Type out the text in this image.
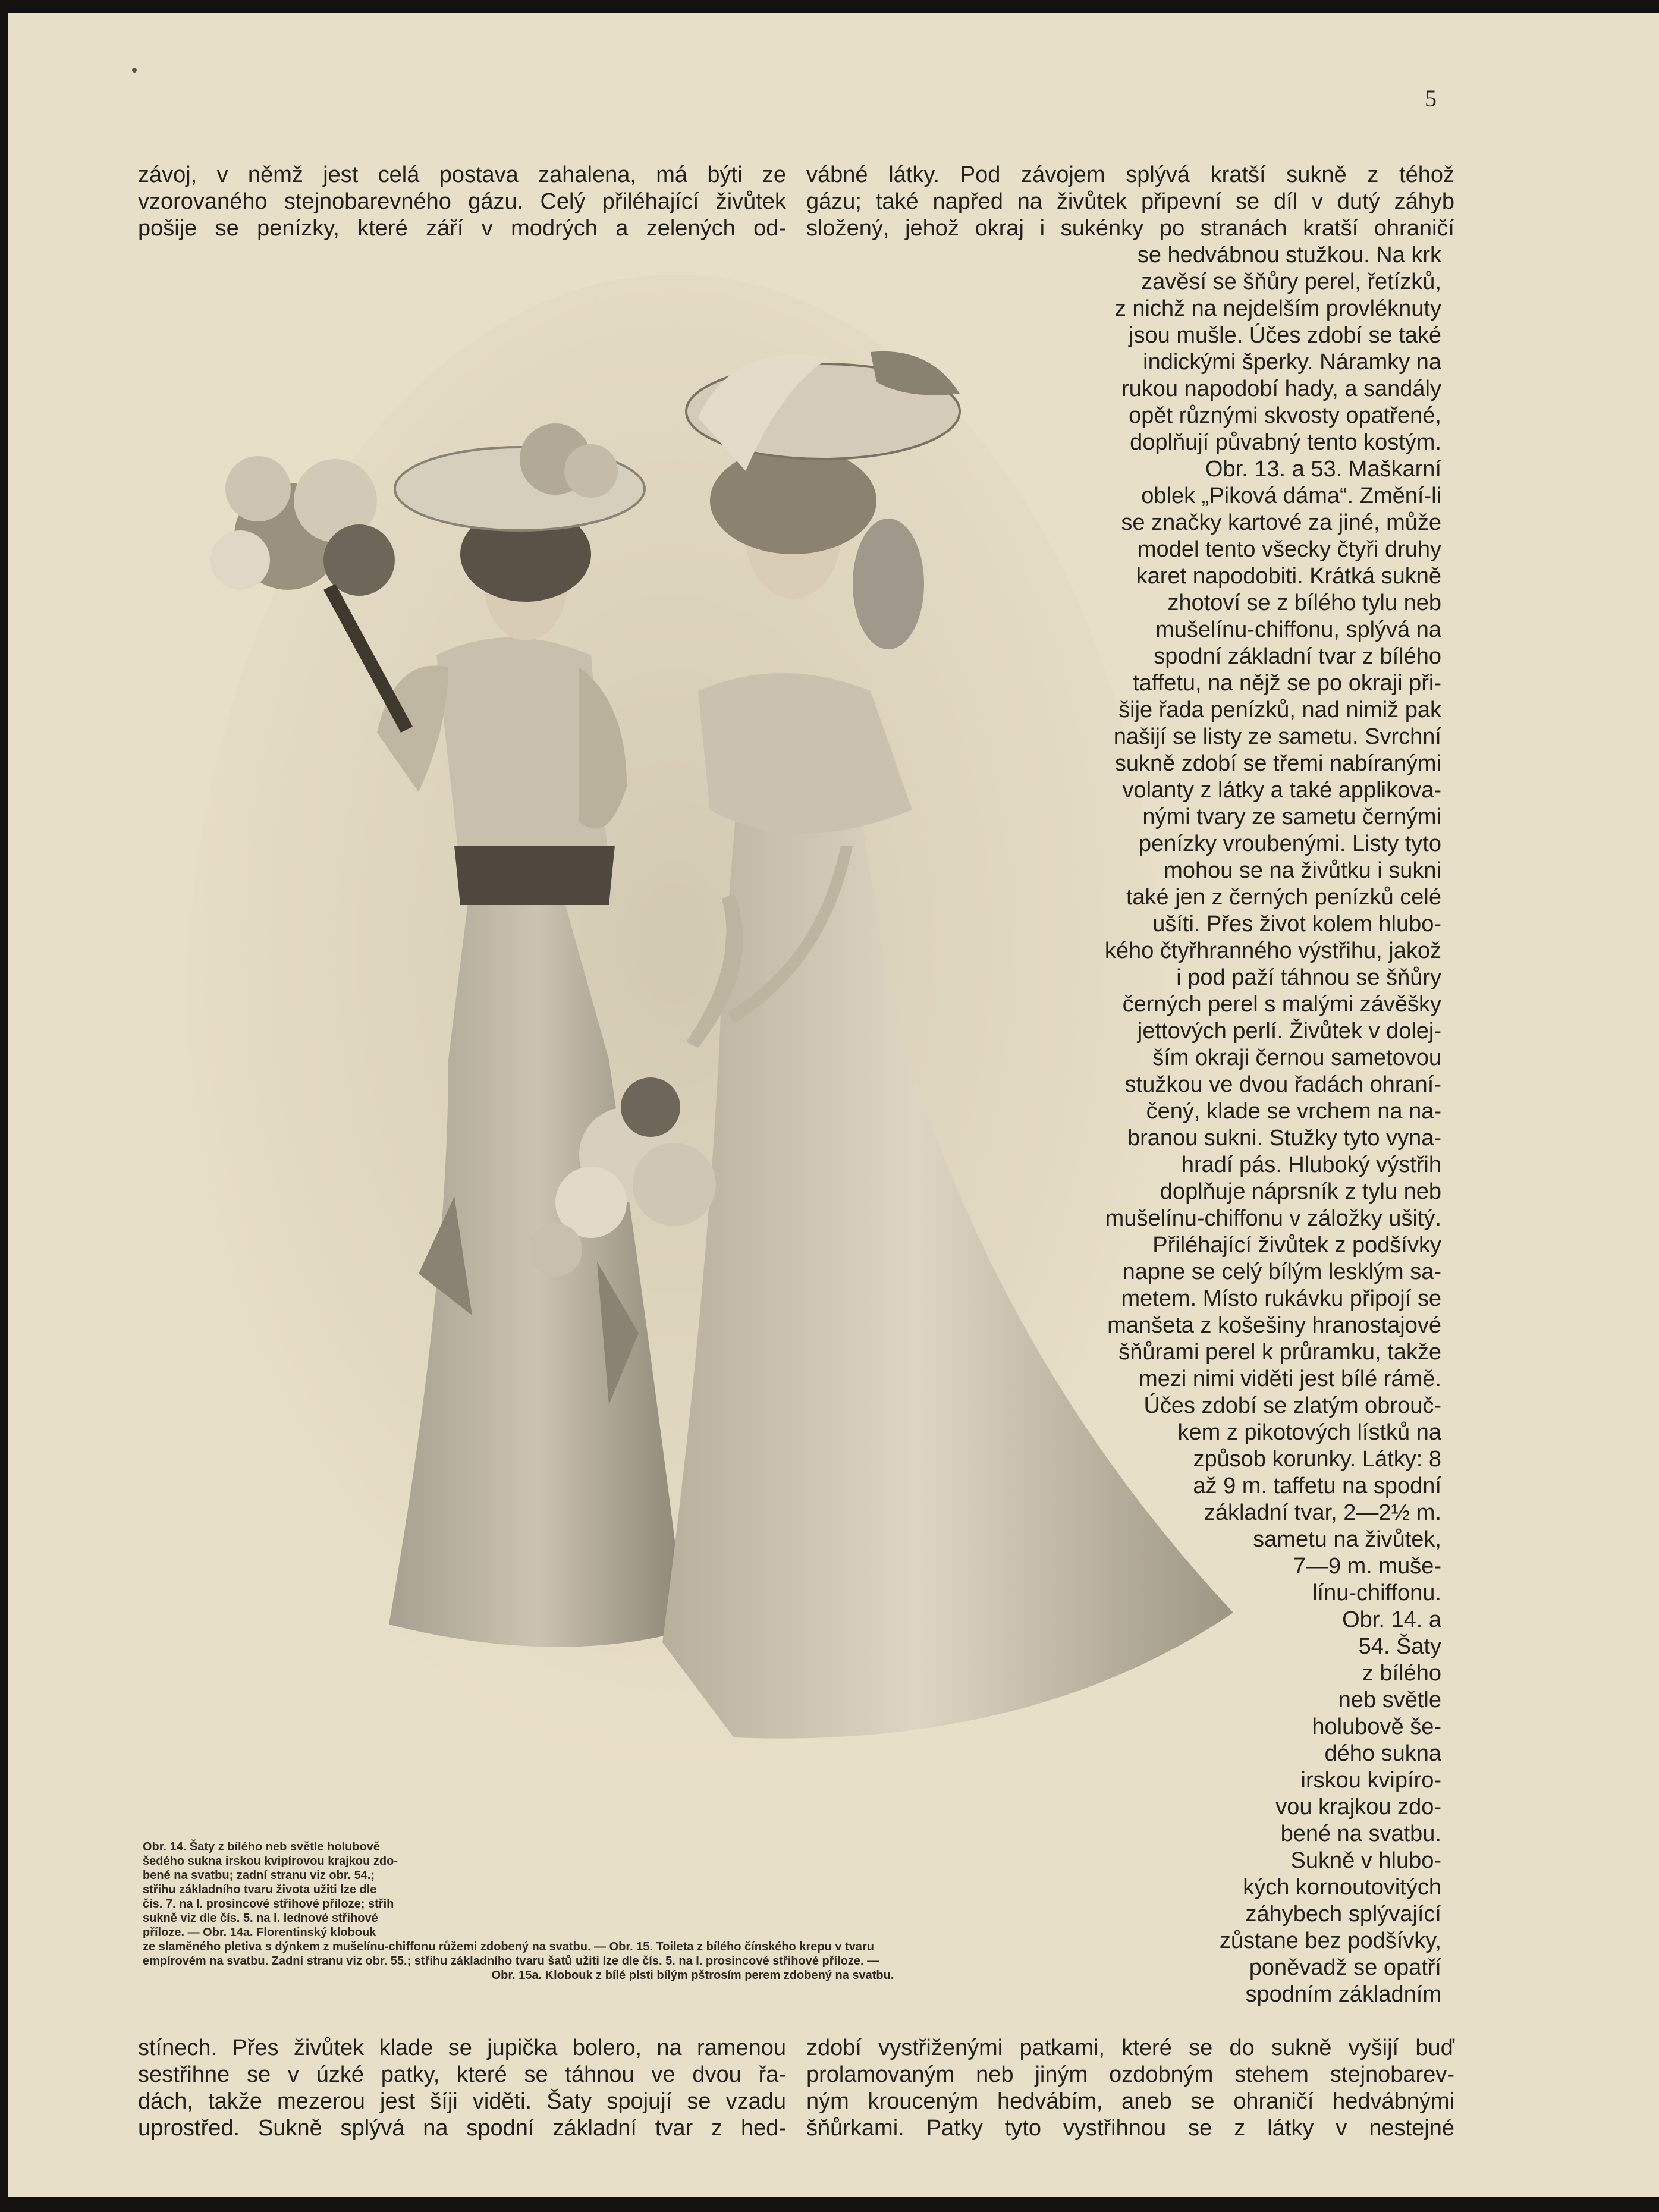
5

závoj, v němž jest celá postava zahalena, má býti ze
vzorovaného stejnobarevného gázu. Celý přiléhající živůtek
pošije se penízky, které září v modrých a zelených od-

vábné látky. Pod závojem splývá kratší sukně z téhož
gázu; také napřed na živůtek připevní se díl v dutý záhyb
složený, jehož okraj i sukénky po stranách kratší ohraničí

se hedvábnou stužkou. Na krk
zavěsí se šňůry perel, řetízků,
z nichž na nejdelším provléknuty
jsou mušle. Účes zdobí se také
indickými šperky. Náramky na
rukou napodobí hady, a sandály
opět různými skvosty opatřené,
doplňují půvabný tento kostým.
Obr. 13. a 53. Maškarní
oblek „Piková dáma“. Změní-li
se značky kartové za jiné, může
model tento všecky čtyři druhy
karet napodobiti. Krátká sukně
zhotoví se z bílého tylu neb
mušelínu-chiffonu, splývá na
spodní základní tvar z bílého
taffetu, na nějž se po okraji při-
šije řada penízků, nad nimiž pak
našijí se listy ze sametu. Svrchní
sukně zdobí se třemi nabíranými
volanty z látky a také applikova-
nými tvary ze sametu černými
penízky vroubenými. Listy tyto
mohou se na živůtku i sukni
také jen z černých penízků celé
ušíti. Přes život kolem hlubo-
kého čtyřhranného výstřihu, jakož
i pod paží táhnou se šňůry
černých perel s malými závěšky
jettových perlí. Živůtek v dolej-
ším okraji černou sametovou
stužkou ve dvou řadách ohraní-
čený, klade se vrchem na na-
branou sukni. Stužky tyto vyna-
hradí pás. Hluboký výstřih
doplňuje náprsník z tylu neb
mušelínu-chiffonu v záložky ušitý.
Přiléhající živůtek z podšívky
napne se celý bílým lesklým sa-
metem. Místo rukávku připojí se
manšeta z košešiny hranostajové
šňůrami perel k průramku, takže
mezi nimi viděti jest bílé rámě.
Účes zdobí se zlatým obrouč-
kem z pikotových lístků na
způsob korunky. Látky: 8
až 9 m. taffetu na spodní
základní tvar, 2—2½ m.
sametu na živůtek,
7—9 m. muše-
línu-chiffonu.
Obr. 14. a
54. Šaty
z bílého
neb světle
holubově še-
dého sukna
irskou kvipíro-
vou krajkou zdo-
bené na svatbu.
Sukně v hlubo-
kých kornoutovitých
záhybech splývající
zůstane bez podšívky,
poněvadž se opatří
spodním základním

Obr. 14. Šaty z bílého neb světle holubově
šedého sukna irskou kvipírovou krajkou zdo-
bené na svatbu; zadní stranu viz obr. 54.;
střihu základního tvaru života užiti lze dle
čís. 7. na I. prosincové střihové příloze; střih
sukně viz dle čís. 5. na I. lednové střihové
příloze. — Obr. 14a. Florentinský klobouk

ze slaměného pletiva s dýnkem z mušelínu-chiffonu růžemi zdobený na svatbu. — Obr. 15. Toileta z bílého čínského krepu v tvaru
empírovém na svatbu. Zadní stranu viz obr. 55.; střihu základního tvaru šatů užiti lze dle čís. 5. na I. prosincové střihové příloze. —
Obr. 15a. Klobouk z bílé plsti bílým pštrosím perem zdobený na svatbu.

stínech. Přes živůtek klade se jupička bolero, na ramenou
sestřihne se v úzké patky, které se táhnou ve dvou řa-
dách, takže mezerou jest šíji viděti. Šaty spojují se vzadu
uprostřed. Sukně splývá na spodní základní tvar z hed-

zdobí vystřiženými patkami, které se do sukně vyšijí buď
prolamovaným neb jiným ozdobným stehem stejnobarev-
ným krouceným hedvábím, aneb se ohraničí hedvábnými
šňůrkami. Patky tyto vystřihnou se z látky v nestejné
